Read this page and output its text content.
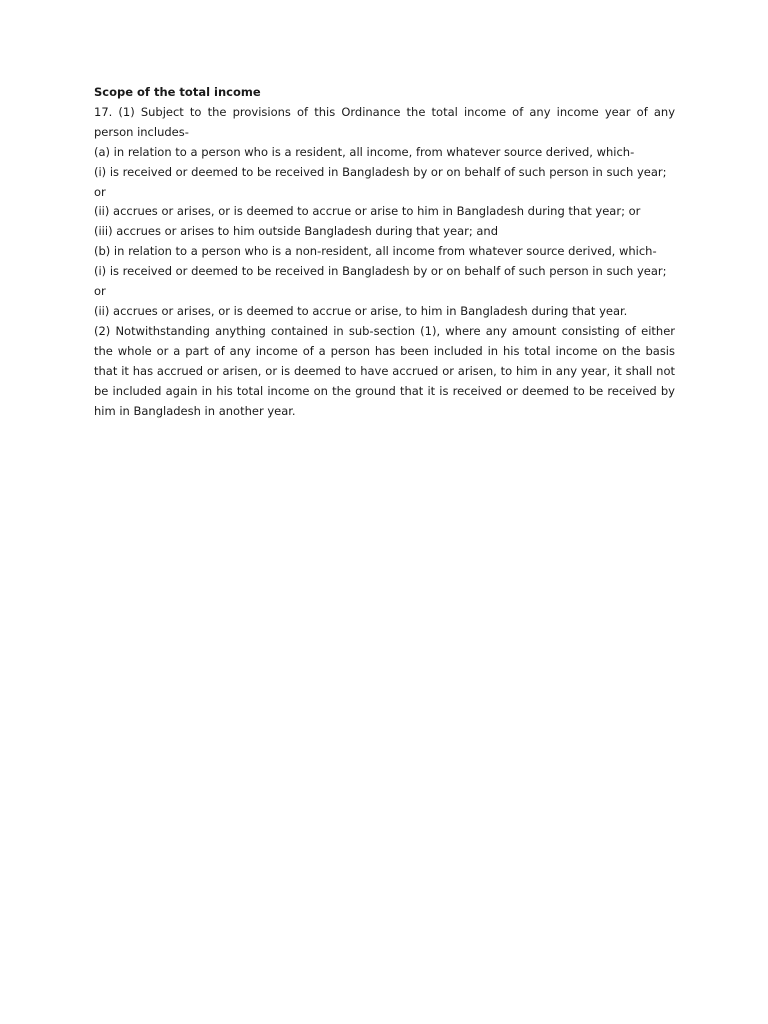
Scope of the total income

17. (1) Subject to the provisions of this Ordinance the total income of any income year of any person includes-

(a) in relation to a person who is a resident, all income, from whatever source derived, which-

(i) is received or deemed to be received in Bangladesh by or on behalf of such person in such year; or

(ii) accrues or arises, or is deemed to accrue or arise to him in Bangladesh during that year; or

(iii) accrues or arises to him outside Bangladesh during that year; and

(b) in relation to a person who is a non-resident, all income from whatever source derived, which-

(i) is received or deemed to be received in Bangladesh by or on behalf of such person in such year; or

(ii) accrues or arises, or is deemed to accrue or arise, to him in Bangladesh during that year.

(2) Notwithstanding anything contained in sub-section (1), where any amount consisting of either the whole or a part of any income of a person has been included in his total income on the basis that it has accrued or arisen, or is deemed to have accrued or arisen, to him in any year, it shall not be included again in his total income on the ground that it is received or deemed to be received by him in Bangladesh in another year.
